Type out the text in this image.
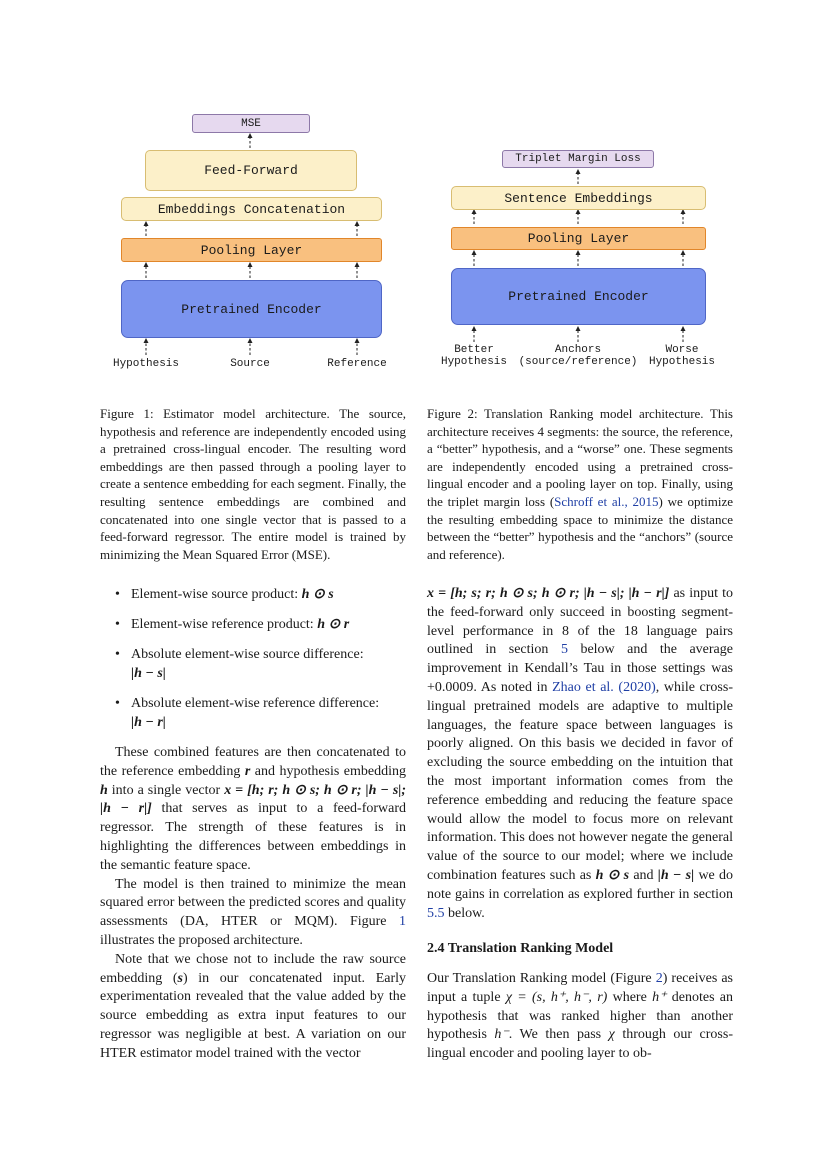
MSE
Feed-Forward
Embeddings Concatenation
Pooling Layer
Pretrained Encoder
Hypothesis	Source	Reference
Triplet Margin Loss
Sentence Embeddings
Pooling Layer
Pretrained Encoder
Better
Hypothesis
Anchors
(source/reference)
Worse
Hypothesis
Figure 1: Estimator model architecture. The source, hypothesis and reference are independently encoded using a pretrained cross-lingual encoder. The resulting word embeddings are then passed through a pooling layer to create a sentence embedding for each segment. Finally, the resulting sentence embeddings are combined and concatenated into one single vector that is passed to a feed-forward regressor. The entire model is trained by minimizing the Mean Squared Error (MSE).
Figure 2: Translation Ranking model architecture. This architecture receives 4 segments: the source, the reference, a “better” hypothesis, and a “worse” one. These segments are independently encoded using a pretrained cross-lingual encoder and a pooling layer on top. Finally, using the triplet margin loss (Schroff et al., 2015) we optimize the resulting embedding space to minimize the distance between the “better” hypothesis and the “anchors” (source and reference).
• Element-wise source product: h ⊙ s
• Element-wise reference product: h ⊙ r
• Absolute element-wise source difference:
|h − s|
• Absolute element-wise reference difference:
|h − r|

These combined features are then concatenated to the reference embedding r and hypothesis embedding h into a single vector x = [h; r; h ⊙ s; h ⊙ r; |h − s|; |h − r|] that serves as input to a feed-forward regressor. The strength of these features is in highlighting the differences between embeddings in the semantic feature space.

The model is then trained to minimize the mean squared error between the predicted scores and quality assessments (DA, HTER or MQM). Figure 1 illustrates the proposed architecture.

Note that we chose not to include the raw source embedding (s) in our concatenated input. Early experimentation revealed that the value added by the source embedding as extra input features to our regressor was negligible at best. A variation on our HTER estimator model trained with the vector

x = [h; s; r; h ⊙ s; h ⊙ r; |h − s|; |h − r|] as input to the feed-forward only succeed in boosting segment-level performance in 8 of the 18 language pairs outlined in section 5 below and the average improvement in Kendall’s Tau in those settings was +0.0009. As noted in Zhao et al. (2020), while cross-lingual pretrained models are adaptive to multiple languages, the feature space between languages is poorly aligned. On this basis we decided in favor of excluding the source embedding on the intuition that the most important information comes from the reference embedding and reducing the feature space would allow the model to focus more on relevant information. This does not however negate the general value of the source to our model; where we include combination features such as h ⊙ s and |h − s| we do note gains in correlation as explored further in section 5.5 below.

2.4 Translation Ranking Model

Our Translation Ranking model (Figure 2) receives as input a tuple χ = (s, h⁺, h⁻, r) where h⁺ denotes an hypothesis that was ranked higher than another hypothesis h⁻. We then pass χ through our cross-lingual encoder and pooling layer to ob-
